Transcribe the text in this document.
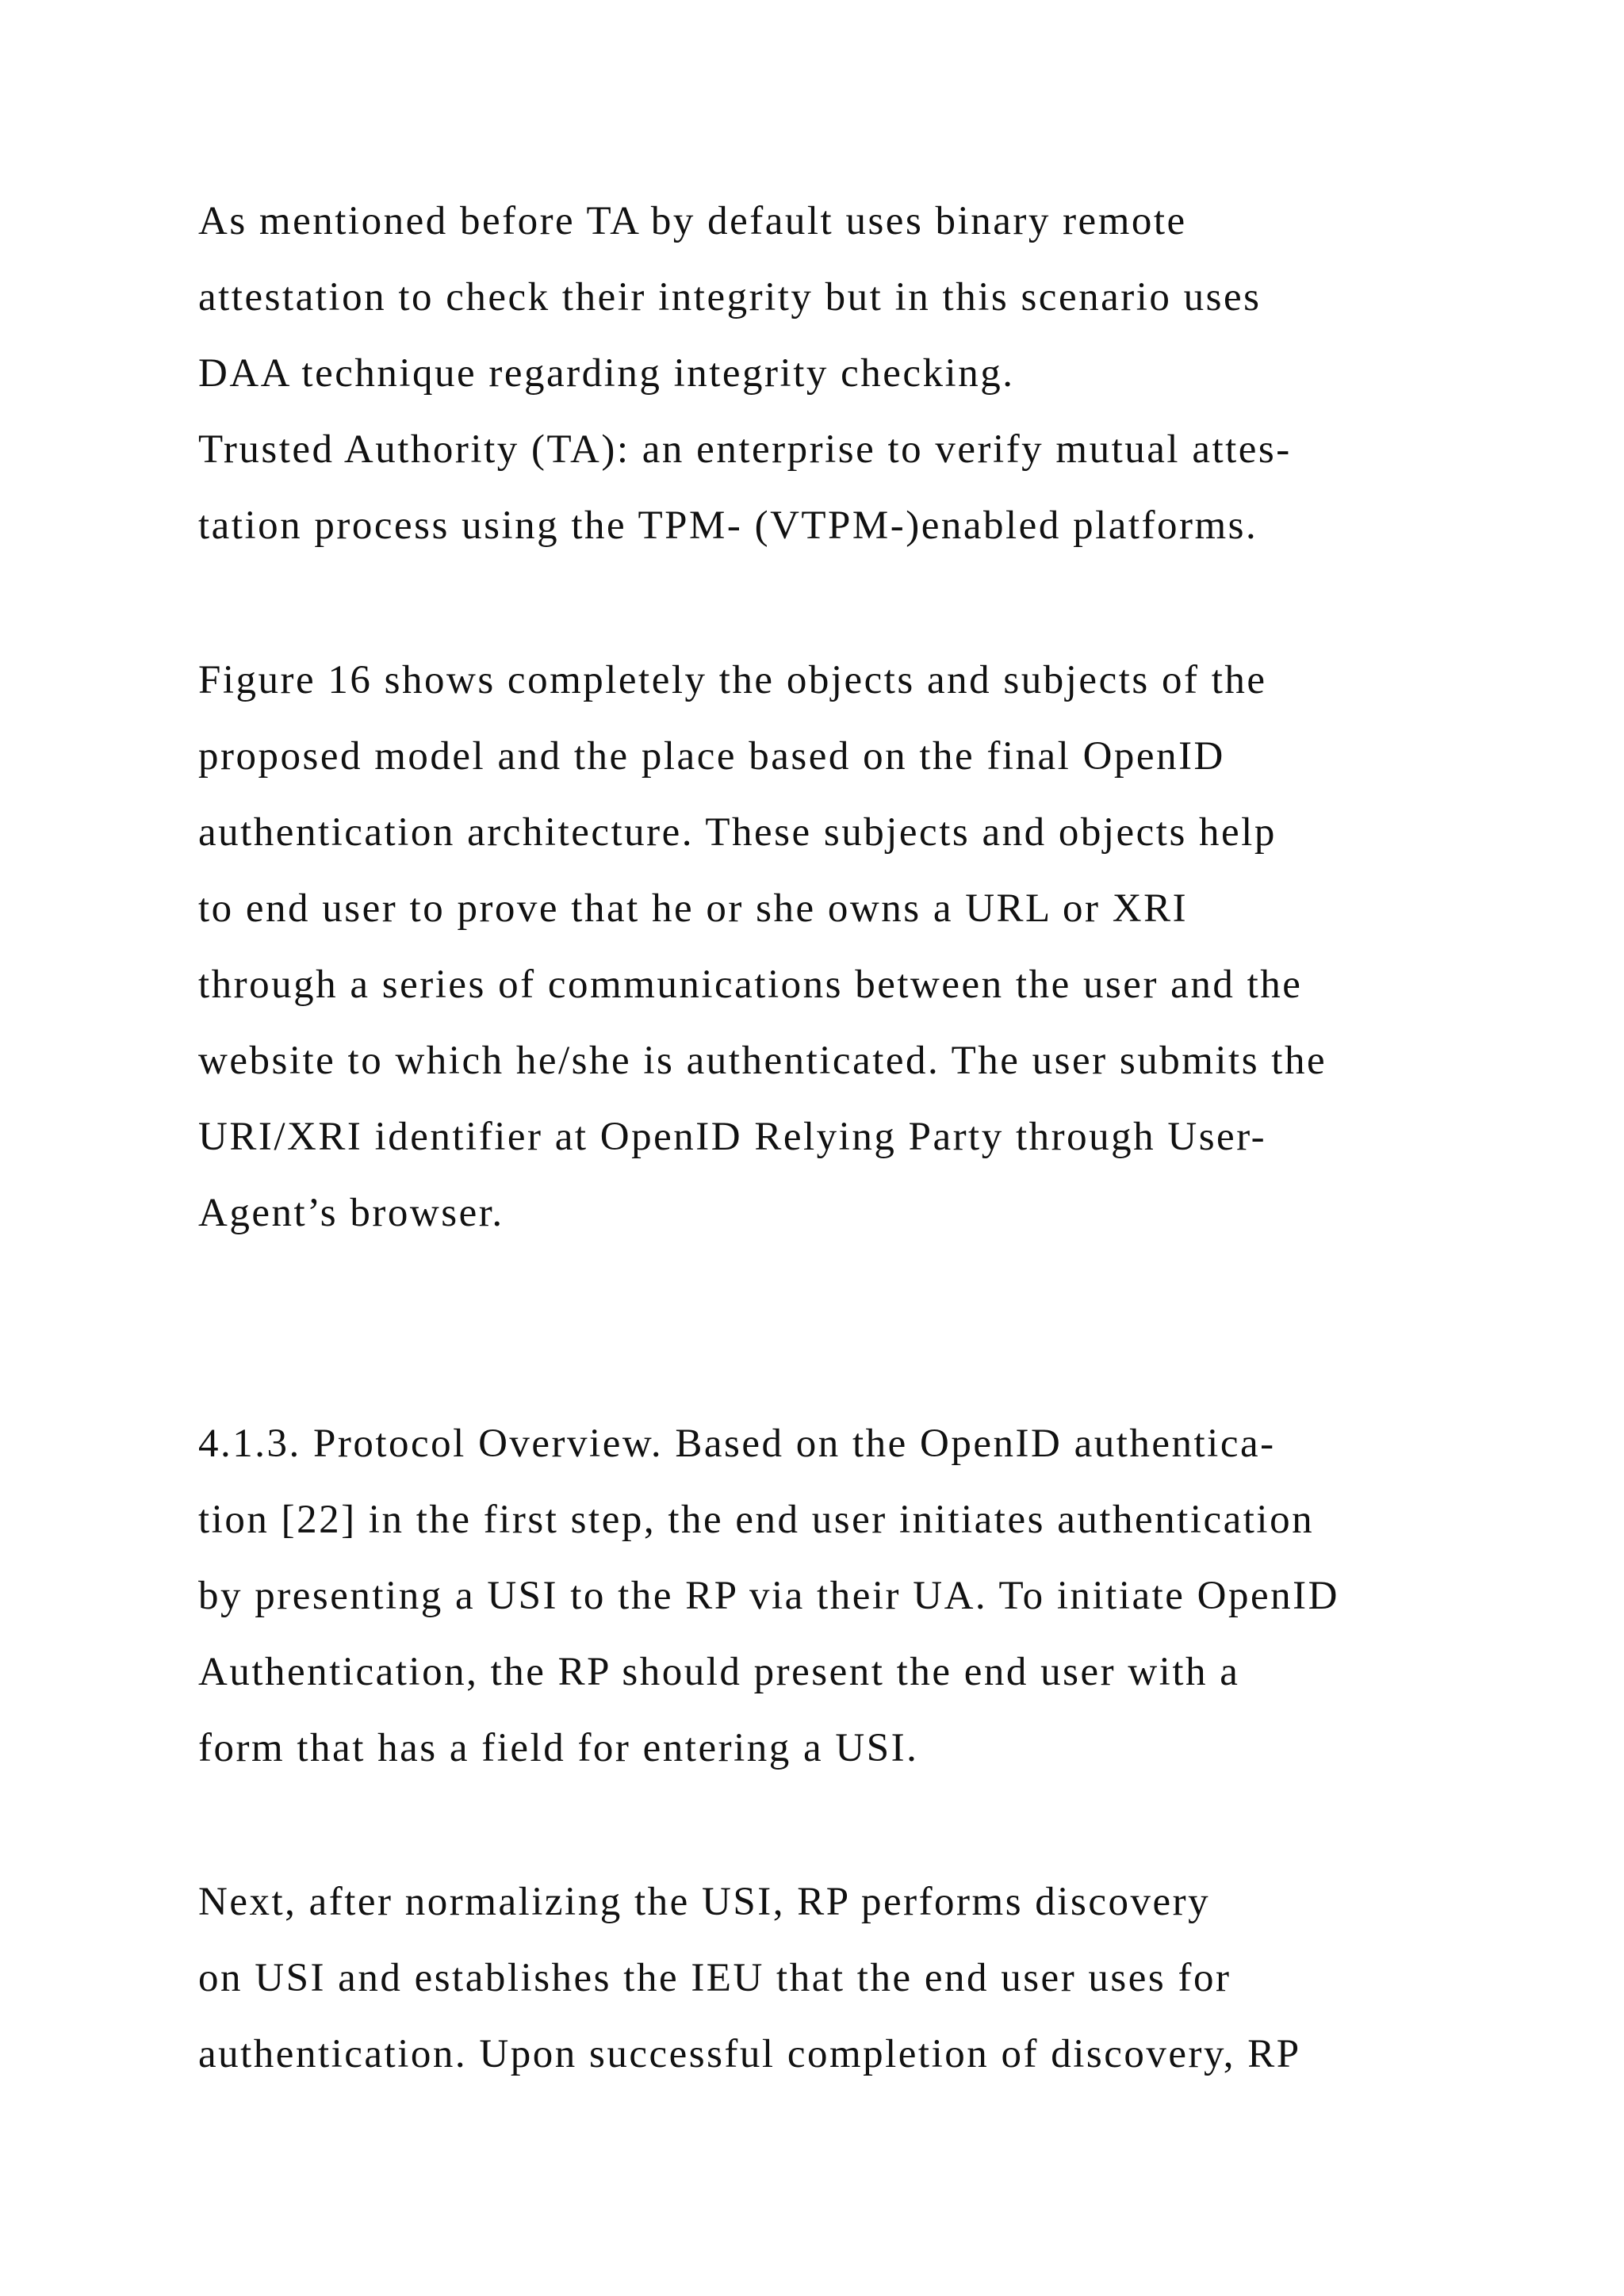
As mentioned before TA by default uses binary remote
attestation to check their integrity but in this scenario uses
DAA technique regarding integrity checking.
Trusted Authority (TA): an enterprise to verify mutual attes-
tation process using the TPM- (VTPM-)enabled platforms.
Figure 16 shows completely the objects and subjects of the
proposed model and the place based on the final OpenID
authentication architecture. These subjects and objects help
to end user to prove that he or she owns a URL or XRI
through a series of communications between the user and the
website to which he/she is authenticated. The user submits the
URI/XRI identifier at OpenID Relying Party through User-
Agent’s browser.
4.1.3. Protocol Overview. Based on the OpenID authentica-
tion [22] in the first step, the end user initiates authentication
by presenting a USI to the RP via their UA. To initiate OpenID
Authentication, the RP should present the end user with a
form that has a field for entering a USI.
Next, after normalizing the USI, RP performs discovery
on USI and establishes the IEU that the end user uses for
authentication. Upon successful completion of discovery, RP
